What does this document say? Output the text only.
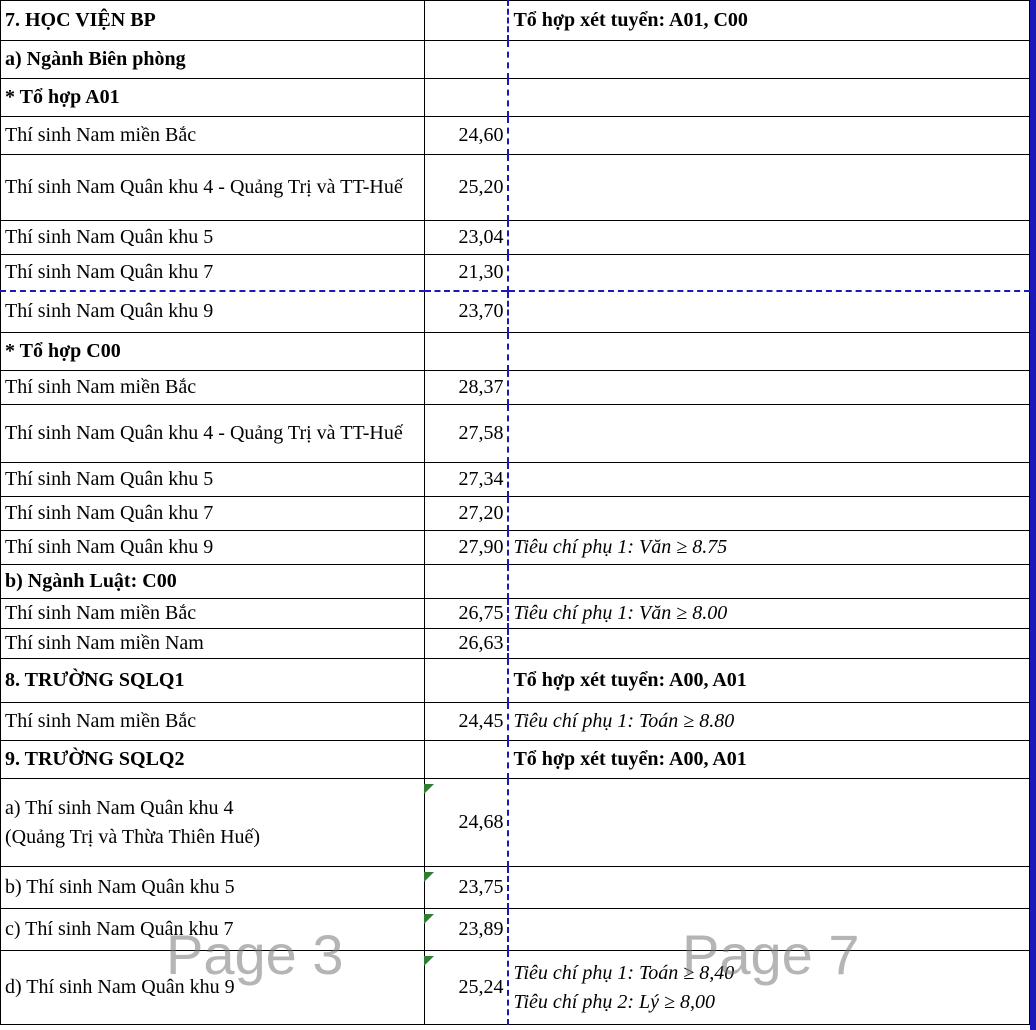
7. HỌC VIỆN BP		Tổ hợp xét tuyển: A01, C00
a) Ngành Biên phòng		
* Tổ hợp A01		
Thí sinh Nam miền Bắc	24,60	
Thí sinh Nam Quân khu 4 - Quảng Trị và TT-Huế	25,20	
Thí sinh Nam Quân khu 5	23,04	
Thí sinh Nam Quân khu 7	21,30	
Thí sinh Nam Quân khu 9	23,70	
* Tổ hợp C00		
Thí sinh Nam miền Bắc	28,37	
Thí sinh Nam Quân khu 4 - Quảng Trị và TT-Huế	27,58	
Thí sinh Nam Quân khu 5	27,34	
Thí sinh Nam Quân khu 7	27,20	
Thí sinh Nam Quân khu 9	27,90	Tiêu chí phụ 1: Văn ≥ 8.75
b) Ngành Luật: C00		
Thí sinh Nam miền Bắc	26,75	Tiêu chí phụ 1: Văn ≥ 8.00
Thí sinh Nam miền Nam	26,63	
8. TRƯỜNG SQLQ1		Tổ hợp xét tuyển: A00, A01
Thí sinh Nam miền Bắc	24,45	Tiêu chí phụ 1: Toán ≥ 8.80
9. TRƯỜNG SQLQ2		Tổ hợp xét tuyển: A00, A01
a) Thí sinh Nam Quân khu 4
(Quảng Trị và Thừa Thiên Huế)	24,68	
b) Thí sinh Nam Quân khu 5	23,75	
c) Thí sinh Nam Quân khu 7	23,89	
d) Thí sinh Nam Quân khu 9	25,24	Tiêu chí phụ 1: Toán ≥ 8,40
Tiêu chí phụ 2: Lý ≥ 8,00
Page 3	Page 7
